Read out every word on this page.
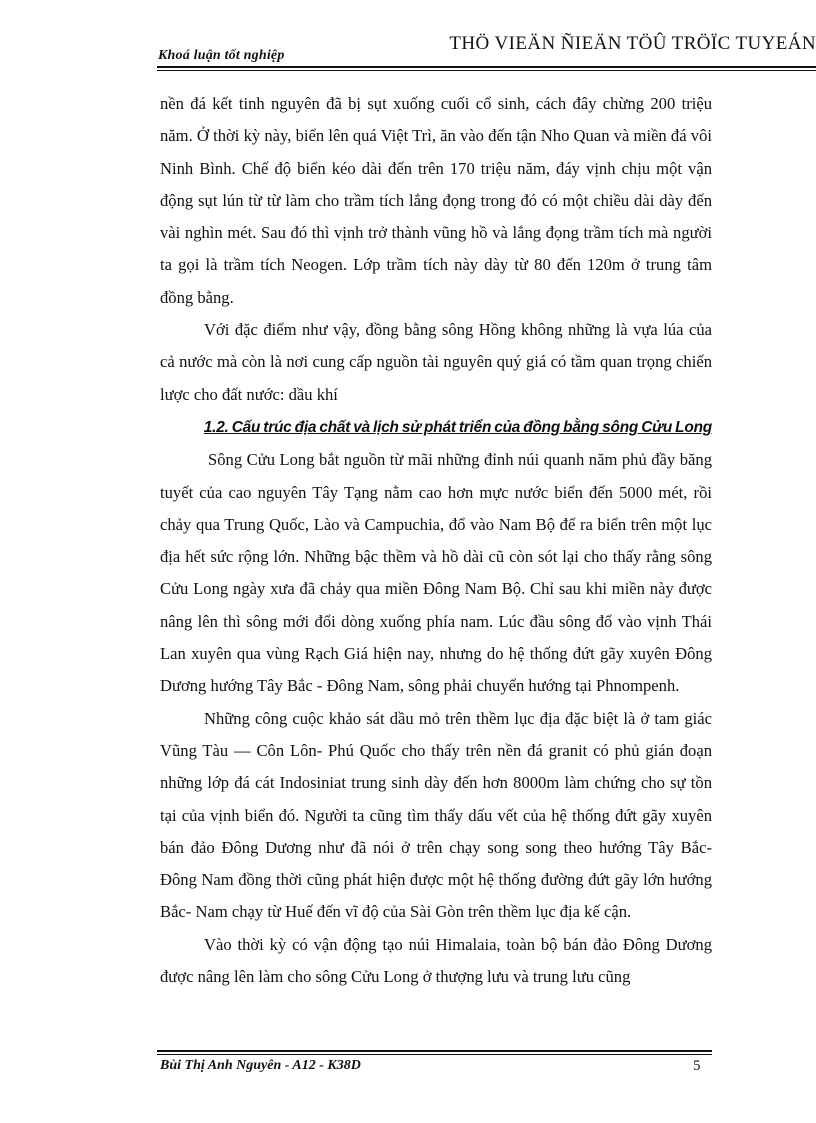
Khoá luận tốt nghiệp
THÖ VIEÄN ÑIEÄN TÖÛ TRÖÏC TUYEÁN

nền đá kết tinh nguyên đã bị sụt xuống cuối cổ sinh, cách đây chừng 200 triệu năm. Ở thời kỳ này, biển lên quá Việt Trì, ăn vào đến tận Nho Quan và miền đá vôi Ninh Bình. Chế độ biển kéo dài đến trên 170 triệu năm, đáy vịnh chịu một vận động sụt lún từ từ làm cho trầm tích lắng đọng trong đó có một chiều dài dày đến vài nghìn mét. Sau đó thì vịnh trở thành vũng hồ và lắng đọng trầm tích mà người ta gọi là trầm tích Neogen. Lớp trầm tích này dày từ 80 đến 120m ở trung tâm đồng bằng.

Với đặc điểm như vậy, đồng bằng sông Hồng không những là vựa lúa của cả nước mà còn là nơi cung cấp nguồn tài nguyên quý giá có tầm quan trọng chiến lược cho đất nước: dầu khí

1.2. Cấu trúc địa chất và lịch sử phát triển của đồng bằng sông Cửu Long

Sông Cửu Long bắt nguồn từ mãi những đỉnh núi quanh năm phủ đầy băng tuyết của cao nguyên Tây Tạng nằm cao hơn mực nước biển đến 5000 mét, rồi chảy qua Trung Quốc, Lào và Campuchia, đổ vào Nam Bộ để ra biển trên một lục địa hết sức rộng lớn. Những bậc thềm và hồ dài cũ còn sót lại cho thấy rằng sông Cửu Long ngày xưa đã chảy qua miền Đông Nam Bộ. Chỉ sau khi miền này được nâng lên thì sông mới đổi dòng xuống phía nam. Lúc đầu sông đổ vào vịnh Thái Lan xuyên qua vùng Rạch Giá hiện nay, nhưng do hệ thống đứt gãy xuyên Đông Dương hướng Tây Bắc - Đông Nam, sông phải chuyển hướng tại Phnompenh.

Những công cuộc khảo sát dầu mỏ trên thềm lục địa đặc biệt là ở tam giác Vũng Tàu — Côn Lôn- Phú Quốc cho thấy trên nền đá granit có phủ gián đoạn những lớp đá cát Indosiniat trung sinh dày đến hơn 8000m làm chứng cho sự tồn tại của vịnh biển đó. Người ta cũng tìm thấy dấu vết của hệ thống đứt gãy xuyên bán đảo Đông Dương như đã nói ở trên chạy song song theo hướng Tây Bắc- Đông Nam đồng thời cũng phát hiện được một hệ thống đường đứt gãy lớn hướng Bắc- Nam chạy từ Huế đến vĩ độ của Sài Gòn trên thềm lục địa kế cận.

Vào thời kỳ có vận động tạo núi Himalaia, toàn bộ bán đảo Đông Dương được nâng lên làm cho sông Cửu Long ở thượng lưu và trung lưu cũng

Bùi Thị Anh Nguyên - A12 - K38D	5
